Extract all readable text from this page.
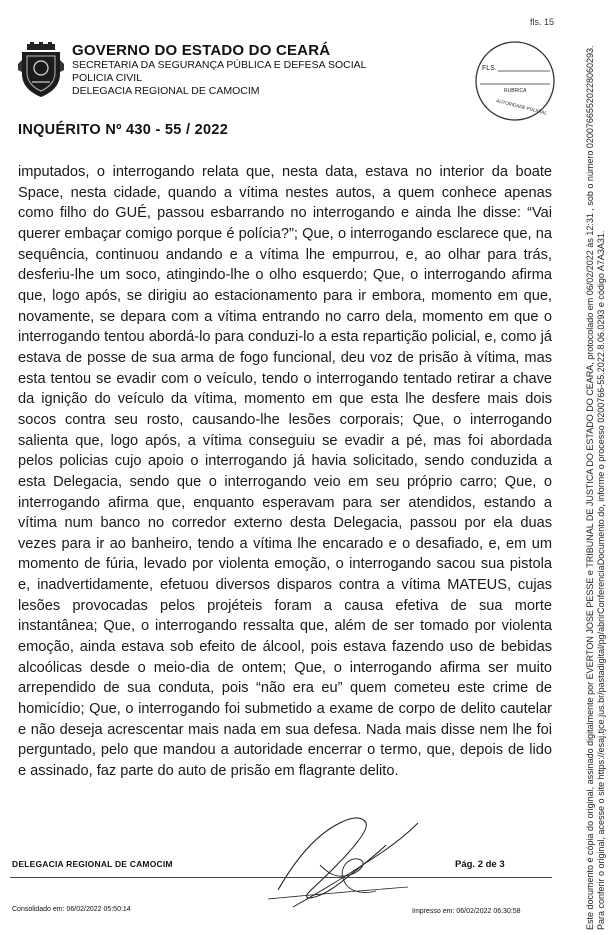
fls. 15
GOVERNO DO ESTADO DO CEARÁ
SECRETARIA DA SEGURANÇA PÚBLICA E DEFESA SOCIAL
POLICIA CIVIL
DELEGACIA REGIONAL DE CAMOCIM
FLS.
RUBRICA
AUTORIDADE POLICIAL
INQUÉRITO Nº 430 - 55 / 2022
imputados, o interrogando relata que, nesta data, estava no interior da boate Space, nesta cidade, quando a vítima nestes autos, a quem conhece apenas como filho do GUÉ, passou esbarrando no interrogando e ainda lhe disse: “Vai querer embaçar comigo porque é polícia?”; Que, o interrogando esclarece que, na sequência, continuou andando e a vítima lhe empurrou, e, ao olhar para trás, desferiu-lhe um soco, atingindo-lhe o olho esquerdo; Que, o interrogando afirma que, logo após, se dirigiu ao estacionamento para ir embora, momento em que, novamente, se depara com a vítima entrando no carro dela, momento em que o interrogando tentou abordá-lo para conduzi-lo a esta repartição policial, e, como já estava de posse de sua arma de fogo funcional, deu voz de prisão à vítima, mas esta tentou se evadir com o veículo, tendo o interrogando tentado retirar a chave da ignição do veículo da vítima, momento em que esta lhe desfere mais dois socos contra seu rosto, causando-lhe lesões corporais; Que, o interrogando salienta que, logo após, a vítima conseguiu se evadir a pé, mas foi abordada pelos policias cujo apoio o interrogando já havia solicitado, sendo conduzida a esta Delegacia, sendo que o interrogando veio em seu próprio carro; Que, o interrogando afirma que, enquanto esperavam para ser atendidos, estando a vítima num banco no corredor externo desta Delegacia, passou por ela duas vezes para ir ao banheiro, tendo a vítima lhe encarado e o desafiado, e, em um momento de fúria, levado por violenta emoção, o interrogando sacou sua pistola e, inadvertidamente, efetuou diversos disparos contra a vítima MATEUS, cujas lesões provocadas pelos projéteis foram a causa efetiva de sua morte instantânea; Que, o interrogando ressalta que, além de ser tomado por violenta emoção, ainda estava sob efeito de álcool, pois estava fazendo uso de bebidas alcoólicas desde o meio-dia de ontem; Que, o interrogando afirma ser muito arrependido de sua conduta, pois “não era eu” quem cometeu este crime de homicídio; Que, o interrogando foi submetido a exame de corpo de delito cautelar e não deseja acrescentar mais nada em sua defesa. Nada mais disse nem lhe foi perguntado, pelo que mandou a autoridade encerrar o termo, que, depois de lido e assinado, faz parte do auto de prisão em flagrante delito.
DELEGACIA REGIONAL DE CAMOCIM	Pág. 2 de 3
Consolidado em: 06/02/2022 05:50:14	Impresso em: 06/02/2022 06:30:58	Este documento é cópia do original, assinado digitalmente por EVERTON JOSE PESSE e TRIBUNAL DE JUSTICA DO ESTADO DO CEARA, protocolado em 06/02/2022 às 12:31 , sob o número 02007665520228060293. Para conferir o original, acesse o site https://esaj.tjce.jus.br/pastadigital/pg/abrirConferenciaDocumento.do, informe o processo 0200766-55.2022.8.06.0293 e código A7A3A31.
